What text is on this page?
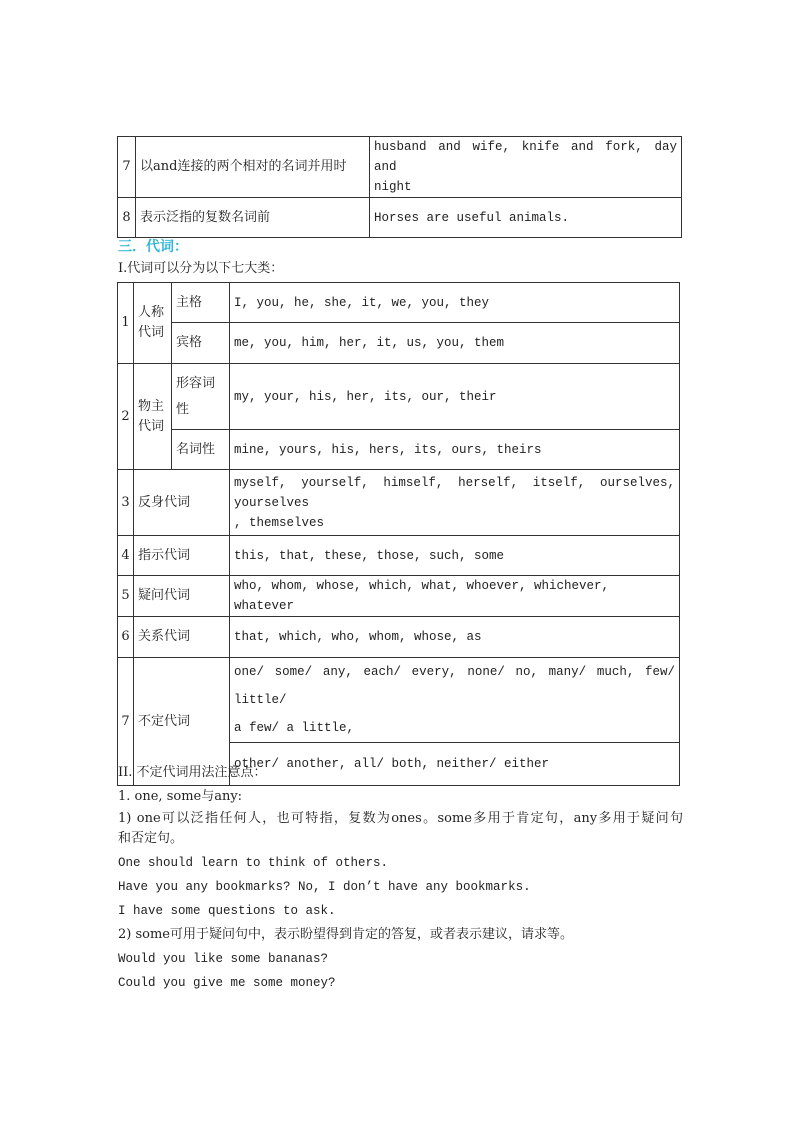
7	以and连接的两个相对的名词并用时	husband and wife, knife and fork, day and
night

8	表示泛指的复数名词前	Horses are useful animals.
三．代词：
I.代词可以分为以下七大类：
1	人称代词	主格	I, you, he, she, it, we, you, they
		宾格	me, you, him, her, it, us, you, them
2	物主代词	形容词性	my, your, his, her, its, our, their
		名词性	mine, yours, his, hers, its, ours, theirs
3	反身代词		myself, yourself, himself, herself, itself, ourselves,
yourselves
, themselves

4	指示代词		this, that, these, those, such, some
5	疑问代词		who, whom, whose, which, what, whoever, whichever, whatever
6	关系代词		that, which, who, whom, whose, as
7	不定代词		one/ some/ any, each/ every, none/ no, many/ much, few/ little/
a few/ a little,

			other/ another, all/ both, neither/ either
II. 不定代词用法注意点：
1. one, some与any:
1) one可以泛指任何人，也可特指，复数为ones。some多用于肯定句，any多用于疑问句
和否定句。
One should learn to think of others.
Have you any bookmarks? No, I don’t have any bookmarks.
I have some questions to ask.
2) some可用于疑问句中，表示盼望得到肯定的答复，或者表示建议，请求等。
Would you like some bananas?
Could you give me some money?
